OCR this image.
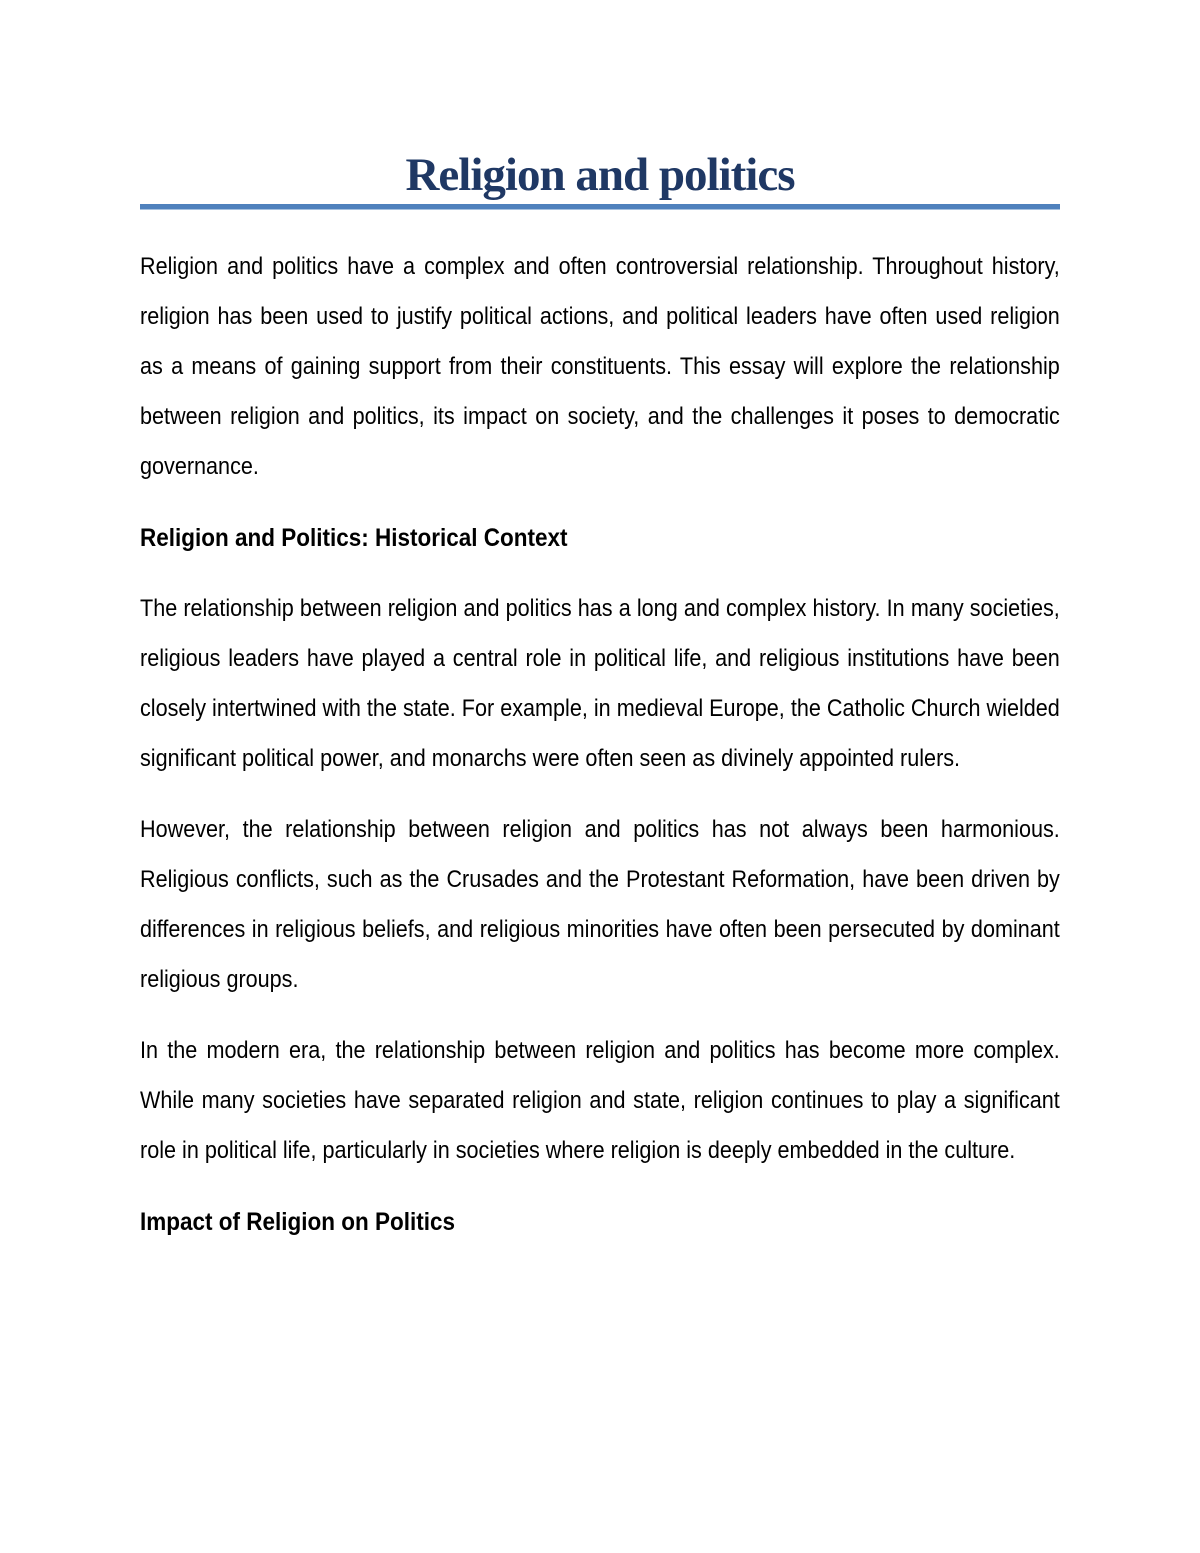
Religion and politics

Religion and politics have a complex and often controversial relationship. Throughout history, religion has been used to justify political actions, and political leaders have often used religion as a means of gaining support from their constituents. This essay will explore the relationship between religion and politics, its impact on society, and the challenges it poses to democratic governance.

Religion and Politics: Historical Context

The relationship between religion and politics has a long and complex history. In many societies, religious leaders have played a central role in political life, and religious institutions have been closely intertwined with the state. For example, in medieval Europe, the Catholic Church wielded significant political power, and monarchs were often seen as divinely appointed rulers.

However, the relationship between religion and politics has not always been harmonious. Religious conflicts, such as the Crusades and the Protestant Reformation, have been driven by differences in religious beliefs, and religious minorities have often been persecuted by dominant religious groups.

In the modern era, the relationship between religion and politics has become more complex. While many societies have separated religion and state, religion continues to play a significant role in political life, particularly in societies where religion is deeply embedded in the culture.

Impact of Religion on Politics
